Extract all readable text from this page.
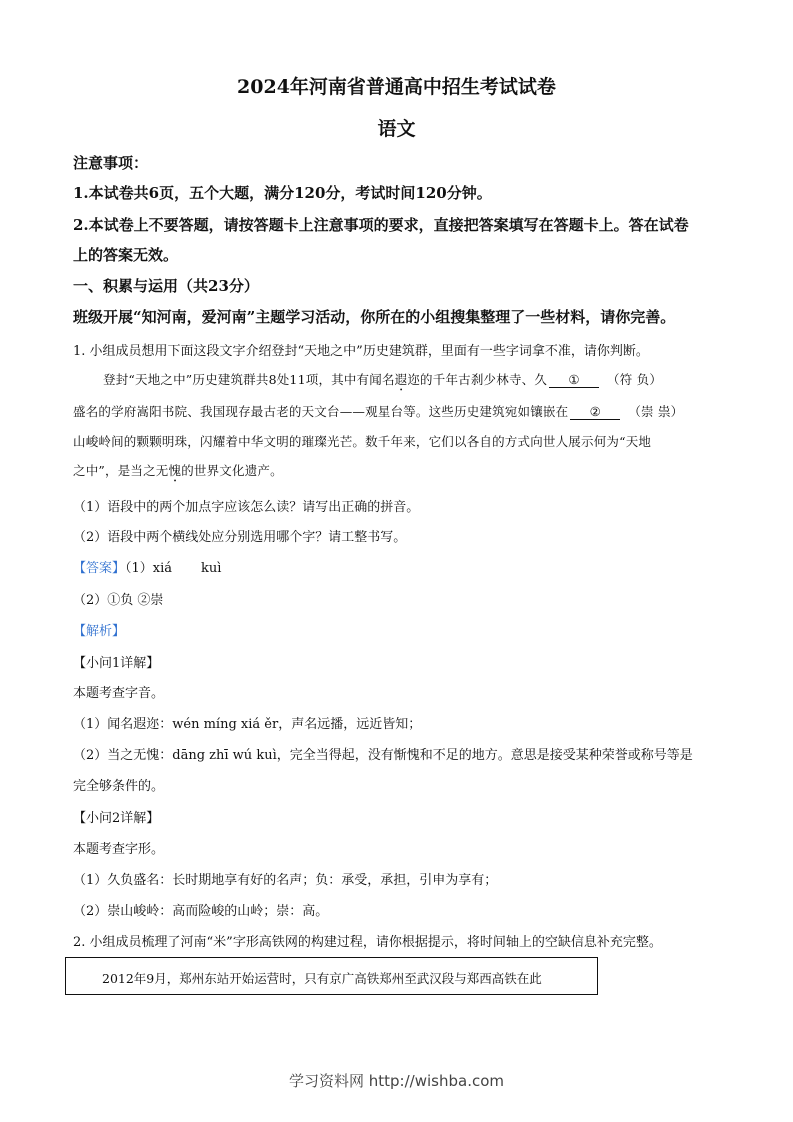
2024年河南省普通高中招生考试试卷
语文
注意事项：
1.本试卷共6页，五个大题，满分120分，考试时间120分钟。
2.本试卷上不要答题，请按答题卡上注意事项的要求，直接把答案填写在答题卡上。答在试卷
上的答案无效。
一、积累与运用（共23分）
班级开展“知河南，爱河南”主题学习活动，你所在的小组搜集整理了一些材料，请你完善。
1. 小组成员想用下面这段文字介绍登封“天地之中”历史建筑群，里面有一些字词拿不准，请你判断。
登封“天地之中”历史建筑群共8处11项，其中有闻名遐迩的千年古刹少林寺、久 ① （符 负）
盛名的学府嵩阳书院、我国现存最古老的天文台——观星台等。这些历史建筑宛如镶嵌在 ② （崇 祟）
山峻岭间的颗颗明珠，闪耀着中华文明的璀璨光芒。数千年来，它们以各自的方式向世人展示何为“天地
之中”，是当之无愧的世界文化遗产。
（1）语段中的两个加点字应该怎么读？请写出正确的拼音。
（2）语段中两个横线处应分别选用哪个字？请工整书写。
【答案】（1）xiá       kuì
（2）①负 ②崇
【解析】
【小问1详解】
本题考查字音。
（1）闻名遐迩：wén míng xiá ěr，声名远播，远近皆知；
（2）当之无愧：dāng zhī wú kuì，完全当得起，没有惭愧和不足的地方。意思是接受某种荣誉或称号等是
完全够条件的。
【小问2详解】
本题考查字形。
（1）久负盛名：长时期地享有好的名声；负：承受，承担，引申为享有；
（2）崇山峻岭：高而险峻的山岭；崇：高。
2. 小组成员梳理了河南“米”字形高铁网的构建过程，请你根据提示，将时间轴上的空缺信息补充完整。
2012年9月，郑州东站开始运营时，只有京广高铁郑州至武汉段与郑西高铁在此
学习资料网 http://wishba.com
